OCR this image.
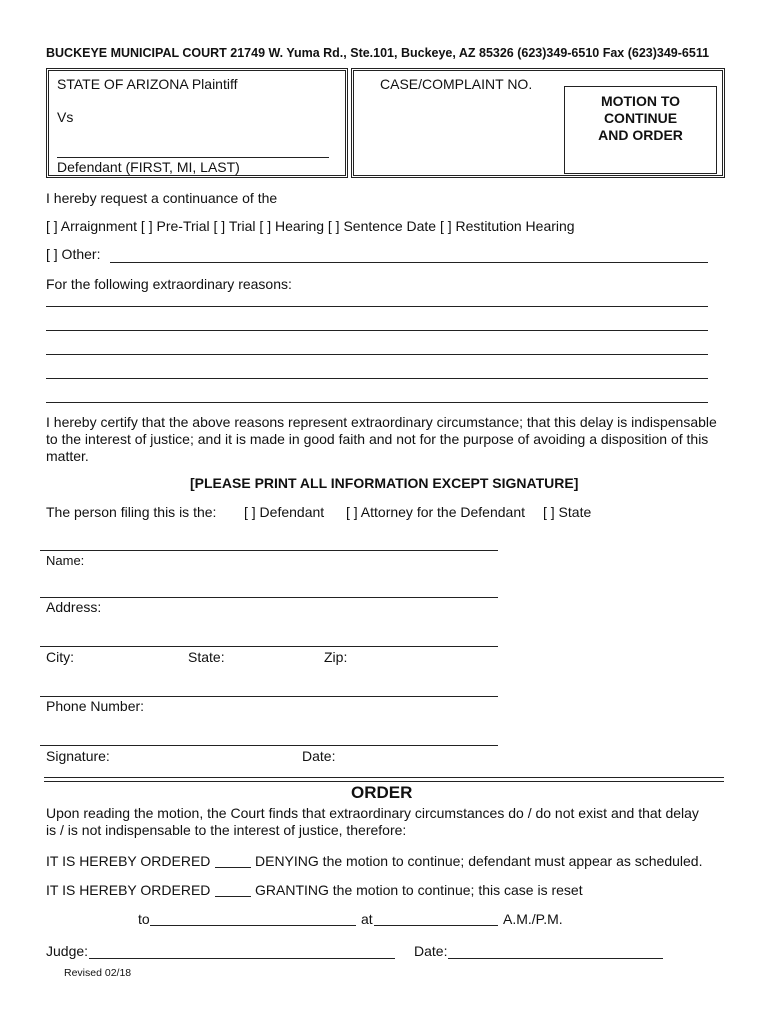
BUCKEYE MUNICIPAL COURT 21749 W. Yuma Rd., Ste.101, Buckeye, AZ 85326 (623)349-6510 Fax (623)349-6511
STATE OF ARIZONA Plaintiff
Vs
Defendant (FIRST, MI, LAST)
CASE/COMPLAINT NO.
MOTION TO
CONTINUE
AND ORDER
I hereby request a continuance of the
[ ] Arraignment [ ] Pre-Trial [ ] Trial [ ] Hearing [ ] Sentence Date [ ] Restitution Hearing
[ ] Other:
For the following extraordinary reasons:
I hereby certify that the above reasons represent extraordinary circumstance; that this delay is indispensable
to the interest of justice; and it is made in good faith and not for the purpose of avoiding a disposition of this
matter.
[PLEASE PRINT ALL INFORMATION EXCEPT SIGNATURE]
The person filing this is the: [ ] Defendant [ ] Attorney for the Defendant [ ] State
Name:
Address:
City:	State:	Zip:
Phone Number:
Signature:	Date:
ORDER
Upon reading the motion, the Court finds that extraordinary circumstances do / do not exist and that delay
is / is not indispensable to the interest of justice, therefore:
IT IS HEREBY ORDERED	DENYING the motion to continue; defendant must appear as scheduled.
IT IS HEREBY ORDERED	GRANTING the motion to continue; this case is reset
to	at	A.M./P.M.
Judge:	Date:
Revised 02/18
